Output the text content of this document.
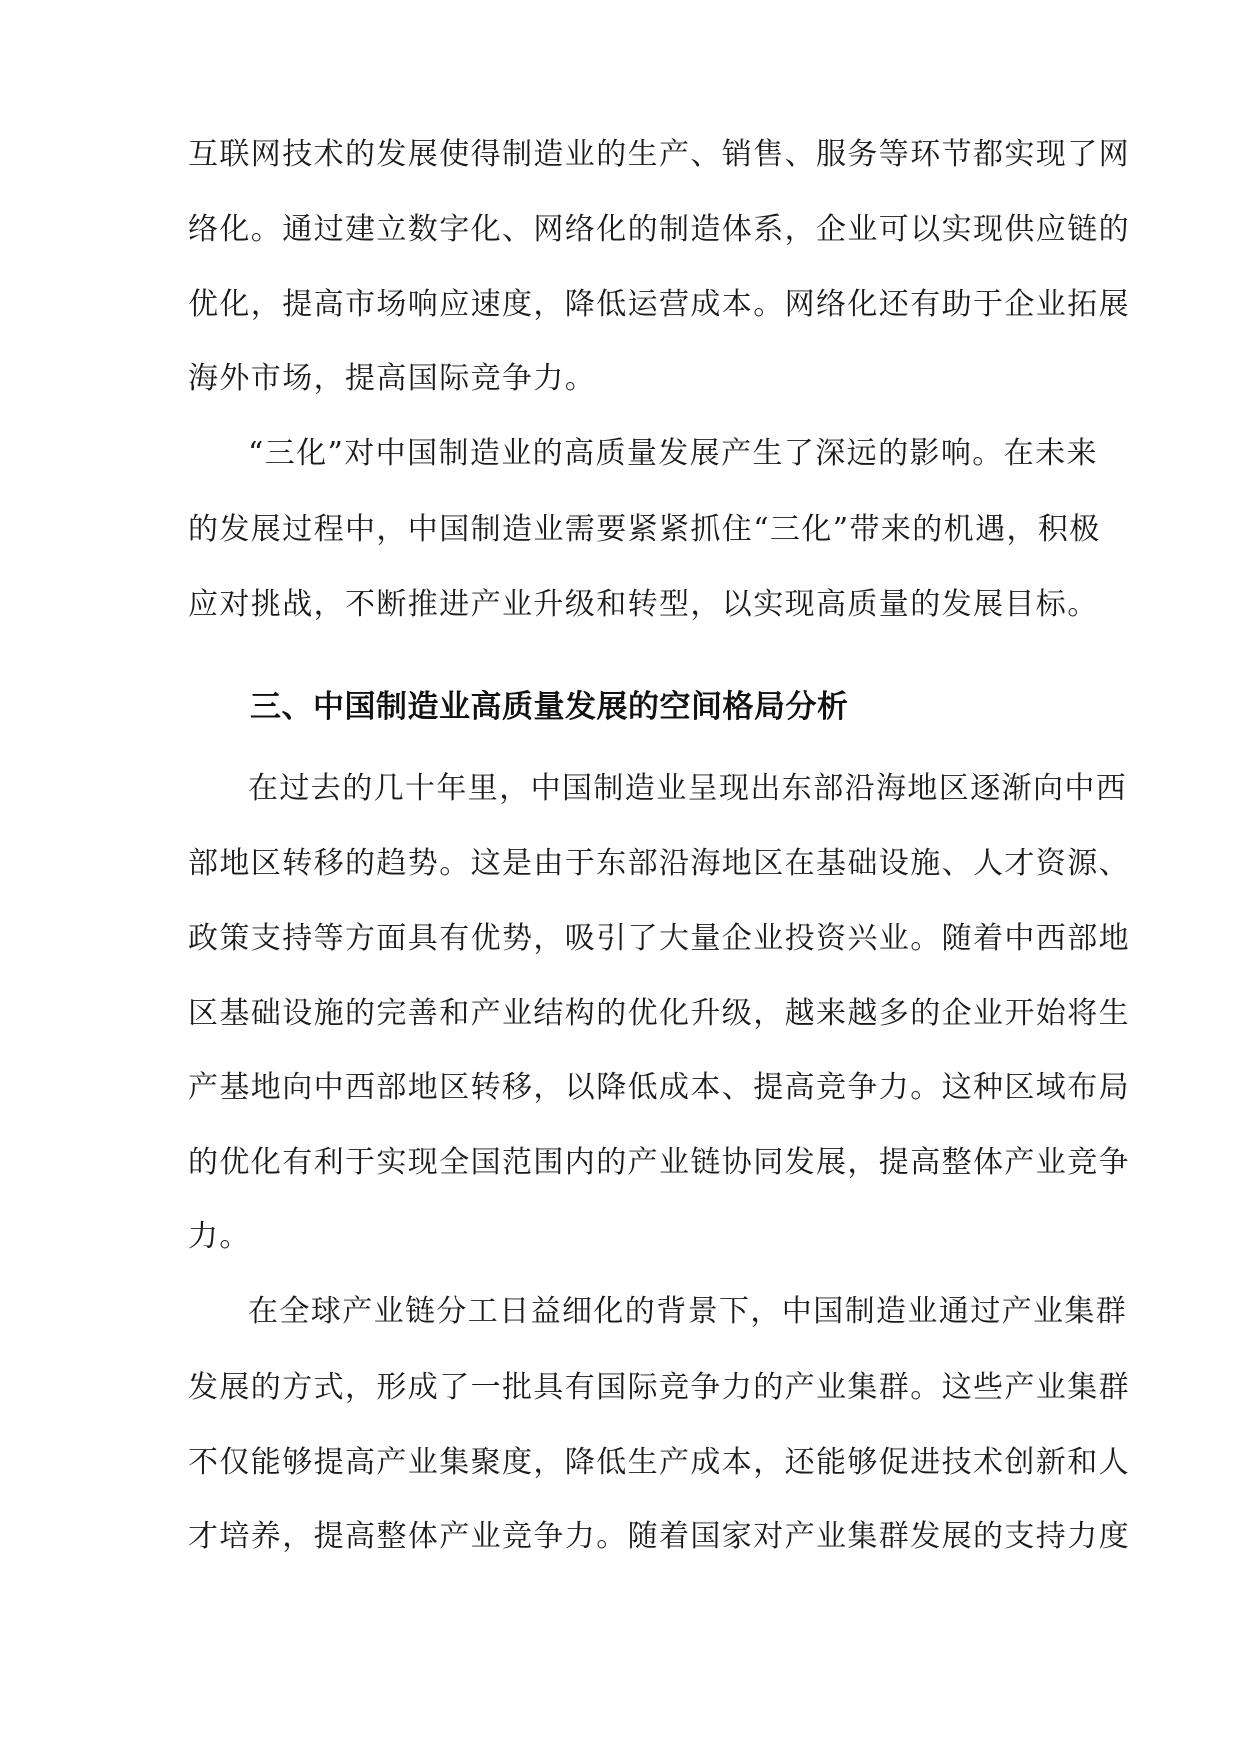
互联网技术的发展使得制造业的生产、销售、服务等环节都实现了网
络化。通过建立数字化、网络化的制造体系，企业可以实现供应链的
优化，提高市场响应速度，降低运营成本。网络化还有助于企业拓展
海外市场，提高国际竞争力。
“三化”对中国制造业的高质量发展产生了深远的影响。在未来
的发展过程中，中国制造业需要紧紧抓住“三化”带来的机遇，积极
应对挑战，不断推进产业升级和转型，以实现高质量的发展目标。
三、中国制造业高质量发展的空间格局分析
在过去的几十年里，中国制造业呈现出东部沿海地区逐渐向中西
部地区转移的趋势。这是由于东部沿海地区在基础设施、人才资源、
政策支持等方面具有优势，吸引了大量企业投资兴业。随着中西部地
区基础设施的完善和产业结构的优化升级，越来越多的企业开始将生
产基地向中西部地区转移，以降低成本、提高竞争力。这种区域布局
的优化有利于实现全国范围内的产业链协同发展，提高整体产业竞争
力。
在全球产业链分工日益细化的背景下，中国制造业通过产业集群
发展的方式，形成了一批具有国际竞争力的产业集群。这些产业集群
不仅能够提高产业集聚度，降低生产成本，还能够促进技术创新和人
才培养，提高整体产业竞争力。随着国家对产业集群发展的支持力度
